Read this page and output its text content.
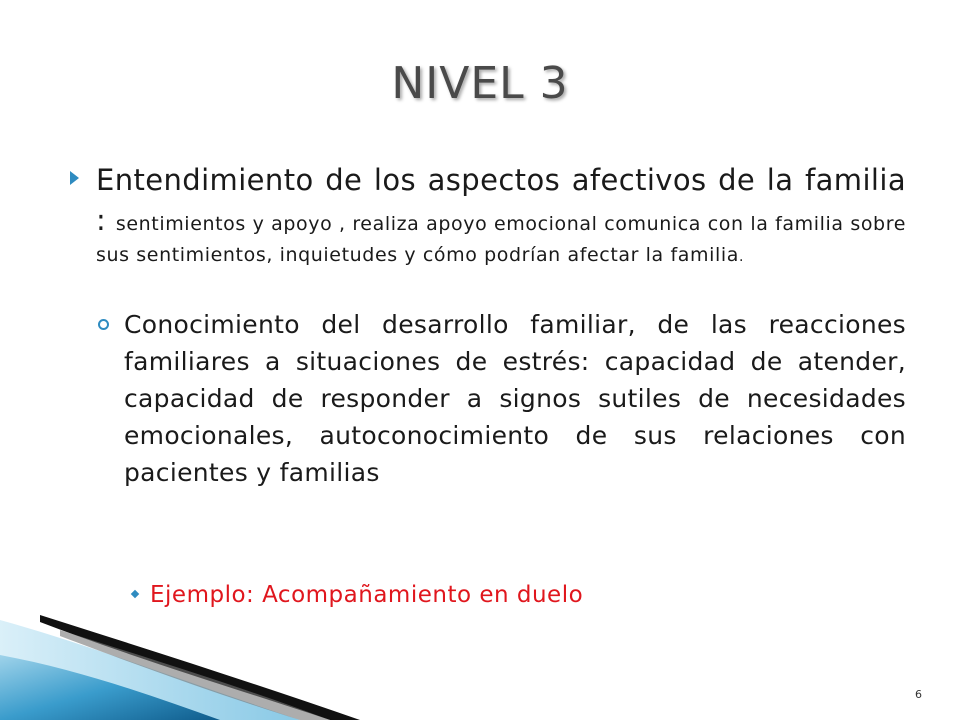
NIVEL 3
Entendimiento de los aspectos afectivos de la familia : sentimientos y apoyo , realiza apoyo emocional comunica con la familia sobre sus sentimientos, inquietudes y cómo podrían afectar la familia.
Conocimiento del desarrollo familiar, de las reacciones familiares a situaciones de estrés: capacidad de atender, capacidad de responder a signos sutiles de necesidades emocionales, autoconocimiento de sus relaciones con pacientes y familias
Ejemplo: Acompañamiento en duelo
6
